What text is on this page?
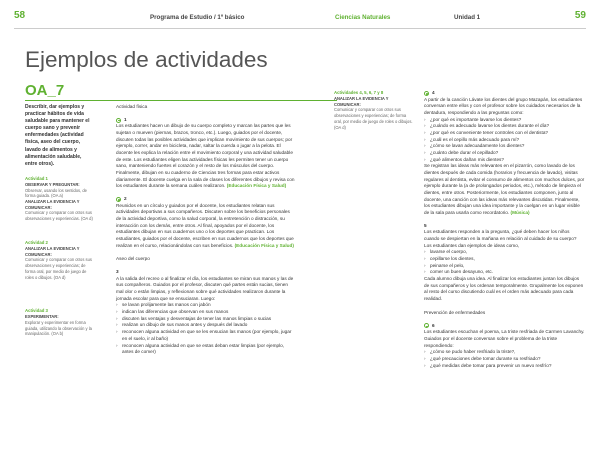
58	Programa de Estudio / 1º básico	Ciencias Naturales	Unidad 1	59
Ejemplos de actividades
OA_7

Describir, dar ejemplos y practicar hábitos de vida saludable para mantener el cuerpo sano y prevenir enfermedades (actividad física, aseo del cuerpo, lavado de alimentos y alimentación saludable, entre otros).

Actividad 1
OBSERVAR Y PREGUNTAR:
Observar, usando los sentidos, de forma guiada. (OA a)
ANALIZAR LA EVIDENCIA Y COMUNICAR:
Comunicar y comparar con otros sus observaciones y experiencias. (OA d)
Actividad 2
ANALIZAR LA EVIDENCIA Y COMUNICAR:
Comunicar y comparar con otros sus observaciones y experiencias; de forma oral, por medio de juego de roles o dibujos. (OA d)
Actividad 3
EXPERIMENTAR:
Explorar y experimentar en forma guiada, utilizando la observación y la manipulación. (OA b)
Actividad física
1

Los estudiantes hacen un dibujo de su cuerpo completo y marcan las partes que les sujetan o mueven (piernas, brazos, tronco, etc.). Luego, guiados por el docente, discuten todas las posibles actividades que implican movimiento de sus cuerpos; por ejemplo, correr, andar en bicicleta, nadar, saltar la cuerda o jugar a la pelota. El docente les explica la relación entre el movimiento corporal y una actividad saludable de este. Los estudiantes eligen las actividades físicas les permiten tener un cuerpo sano, manteniendo fuertes el corazón y el resto de los músculos del cuerpo. Finalmente, dibujan en su cuaderno de Ciencias tres formas para estar activos diariamente. El docente cuelga en la sala de clases los diferentes dibujos y revisa con los estudiantes durante la semana cuáles realizaron. (Educación Física y Salud)

2

Reunidos en un círculo y guiados por el docente, los estudiantes relatan sus actividades deportivas a sus compañeros. Discuten sobre los beneficios personales de la actividad deportiva, como la salud corporal, la entretención o distracción, su interacción con los demás, entre otros. Al final, apoyados por el docente, los estudiantes dibujan en sus cuadernos uno o los deportes que practican. Los estudiantes, guiados por el docente, escriben en sus cuadernos que los deportes que realizan en el curso, relacionándolas con sus beneficios. (Educación Física y Salud)

Aseo del cuerpo
3

A la salida del recreo o al finalizar el día, los estudiantes se miran sus manos y las de sus compañeros. Guiados por el profesor, discuten qué partes están sucias, tienen mal olor o están limpias, y reflexionan sobre qué actividades realizaron durante la jornada escolar para que se ensuciaran. Luego:

› se lavan prolijamente las manos con jabón
› indican las diferencias que observan en sus manos
› discuten las ventajas y desventajas de tener las manos limpias o sucias
› realizan un dibujo de sus manos antes y después del lavado
› reconocen alguna actividad en que se les ensucian las manos (por ejemplo, jugar en el suelo, ir al baño)
› reconocen alguna actividad en que se estas deban estar limpias (por ejemplo, antes de comer)
Actividades 4, 5, 6, 7 y 8
ANALIZAR LA EVIDENCIA Y COMUNICAR:
Comunicar y comparar con otros sus observaciones y experiencias; de forma oral, por medio de juego de roles o dibujos. (OA d)
4

A partir de la canción Lávate los dientes del grupo Mazapán, los estudiantes conversan entre ellos y con el profesor sobre los cuidados necesarios de la dentadura, respondiendo a las preguntas como:

› ¿por qué es importante lavarse los dientes?
› ¿cuándo es adecuado lavarse los dientes durante el día?
› ¿por qué es conveniente tener controles con el dentista?
› ¿cuál es el cepillo más adecuado para mí?
› ¿cómo se lavan adecuadamente los dientes?
› ¿cuánto debe durar el cepillado?
› ¿qué alimentos dañan mis dientes?

Se registran las ideas más relevantes en el pizarrón, como lavado de los dientes después de cada comida (horarios y frecuencia de lavado), visitas regulares al dentista, evitar el consumo de alimentos con muchos dulces, por ejemplo durante la (a de prolongados periodos, etc.), método de limpieza el dientes, entre otros. Posteriormente, los estudiantes componen, junto al docente, una canción con las ideas más relevantes discutidas. Finalmente, los estudiantes dibujan una idea importante y la cuelgan en un lugar visible de la sala para usarla como recordatorio. (Música)

5

Los estudiantes responden a la pregunta, ¿qué deben hacer los niños cuando se despiertan en la mañana en relación al cuidado de su cuerpo? Los estudiantes dan ejemplos de ideas como,

› lavarse el cuerpo,
› cepillarse los dientes,
› peinarse el pelo,
› comer un buen desayuno, etc.

Cada alumno dibuja una idea. Al finalizar los estudiantes juntan los dibujos de sus compañeros y los ordenan temporalmente. Grupalmente los exponen al resto del curso discutiendo cuál es el orden más adecuado para cada realidad.

Prevención de enfermedades
6

Los estudiantes escuchan el poema, La triste resfriada de Carmen Lavanchy. Guiados por el docente conversan sobre el problema de la triste respondiendo:

› ¿cómo se pudo haber resfriado la triste?,
› ¿qué precauciones debe tomar durante su resfriado?
› ¿qué medidas debe tomar para prevenir un nuevo resfrío?
